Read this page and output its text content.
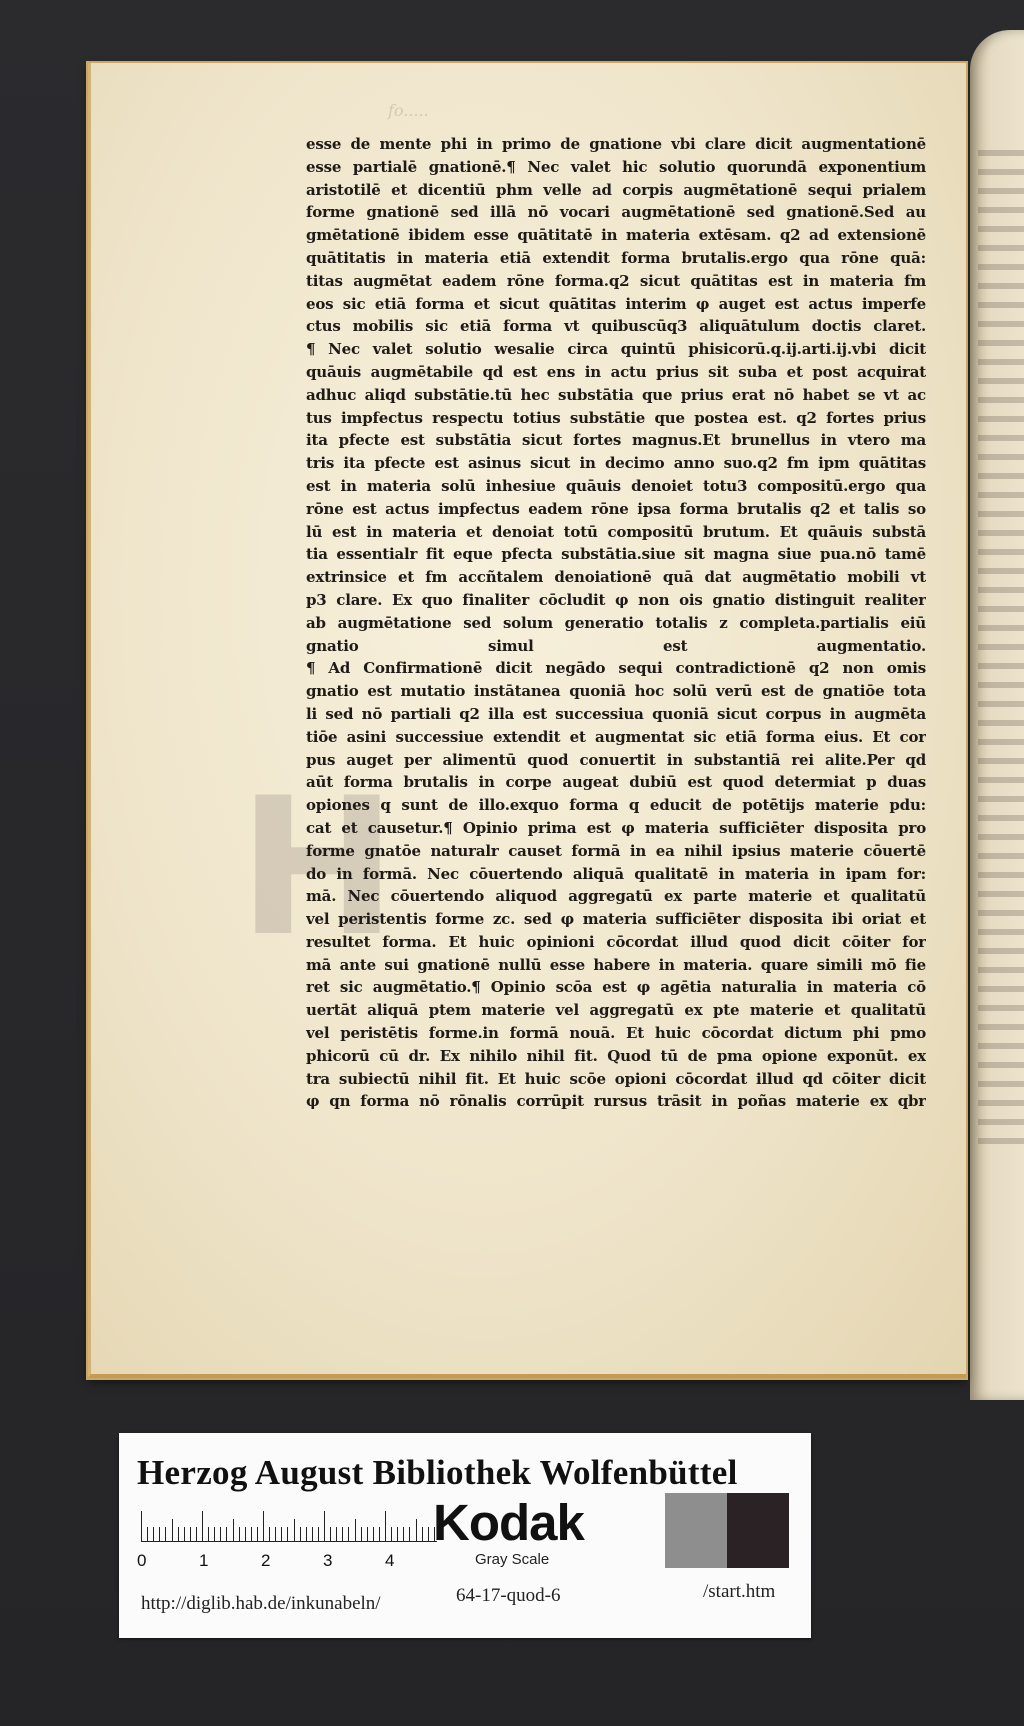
fo.....
H
esse de mente phi in primo de gnatione vbi clare dicit augmentationē
esse partialē gnationē.¶ Nec valet hic solutio quorundā exponentium
aristotilē et dicentiū phm velle ad corpis augmētationē sequi prialem
forme gnationē sed illā nō vocari augmētationē sed gnationē.Sed au
gmētationē ibidem esse quātitatē in materia extēsam. q2 ad extensionē
quātitatis in materia etiā extendit forma brutalis.ergo qua rōne quā:
titas augmētat eadem rōne forma.q2 sicut quātitas est in materia fm
eos sic etiā forma et sicut quātitas interim φ auget est actus imperfe
ctus mobilis sic etiā forma vt quibuscūq3 aliquātulum doctis claret.
¶ Nec valet solutio wesalie circa quintū phisicorū.q.ij.arti.ij.vbi dicit
quāuis augmētabile qd est ens in actu prius sit suba et post acquirat
adhuc aliqd substātie.tū hec substātia que prius erat nō habet se vt ac
tus impfectus respectu totius substātie que postea est. q2 fortes prius
ita pfecte est substātia sicut fortes magnus.Et brunellus in vtero ma
tris ita pfecte est asinus sicut in decimo anno suo.q2 fm ipm quātitas
est in materia solū inhesiue quāuis denoiet totu3 compositū.ergo qua
rōne est actus impfectus eadem rōne ipsa forma brutalis q2 et talis so
lū est in materia et denoiat totū compositū brutum. Et quāuis substā
tia essentialr fit eque pfecta substātia.siue sit magna siue pua.nō tamē
extrinsice et fm accñtalem denoiationē quā dat augmētatio mobili vt
p3 clare. Ex quo finaliter cōcludit φ non ois gnatio distinguit realiter
ab augmētatione sed solum generatio totalis z completa.partialis eiū
gnatio simul est augmentatio.
¶ Ad Confirmationē dicit negādo sequi contradictionē q2 non omis
gnatio est mutatio instātanea quoniā hoc solū verū est de gnatiōe tota
li sed nō partiali q2 illa est successiua quoniā sicut corpus in augmēta
tiōe asini successiue extendit et augmentat sic etiā forma eius. Et cor
pus auget per alimentū quod conuertit in substantiā rei alite.Per qd
aūt forma brutalis in corpe augeat dubiū est quod determiat p duas
opiones q sunt de illo.exquo forma q educit de potētijs materie pdu:
cat et causetur.¶ Opinio prima est φ materia sufficiēter disposita pro
forme gnatōe naturalr causet formā in ea nihil ipsius materie cōuertē
do in formā. Nec cōuertendo aliquā qualitatē in materia in ipam for:
mā. Nec cōuertendo aliquod aggregatū ex parte materie et qualitatū
vel peristentis forme zc. sed φ materia sufficiēter disposita ibi oriat et
resultet forma. Et huic opinioni cōcordat illud quod dicit cōiter for
mā ante sui gnationē nullū esse habere in materia. quare simili mō fie
ret sic augmētatio.¶ Opinio scōa est φ agētia naturalia in materia cō
uertāt aliquā ptem materie vel aggregatū ex pte materie et qualitatū
vel peristētis forme.in formā nouā. Et huic cōcordat dictum phi pmo
phicorū cū dr. Ex nihilo nihil fit. Quod tū de pma opione exponūt. ex
tra subiectū nihil fit. Et huic scōe opioni cōcordat illud qd cōiter dicit
φ qn forma nō rōnalis corrūpit rursus trāsit in poñas materie ex qbr
Herzog August Bibliothek Wolfenbüttel
0	1	2	3	4
Kodak
Gray Scale
http://diglib.hab.de/inkunabeln/	64-17-quod-6	/start.htm
